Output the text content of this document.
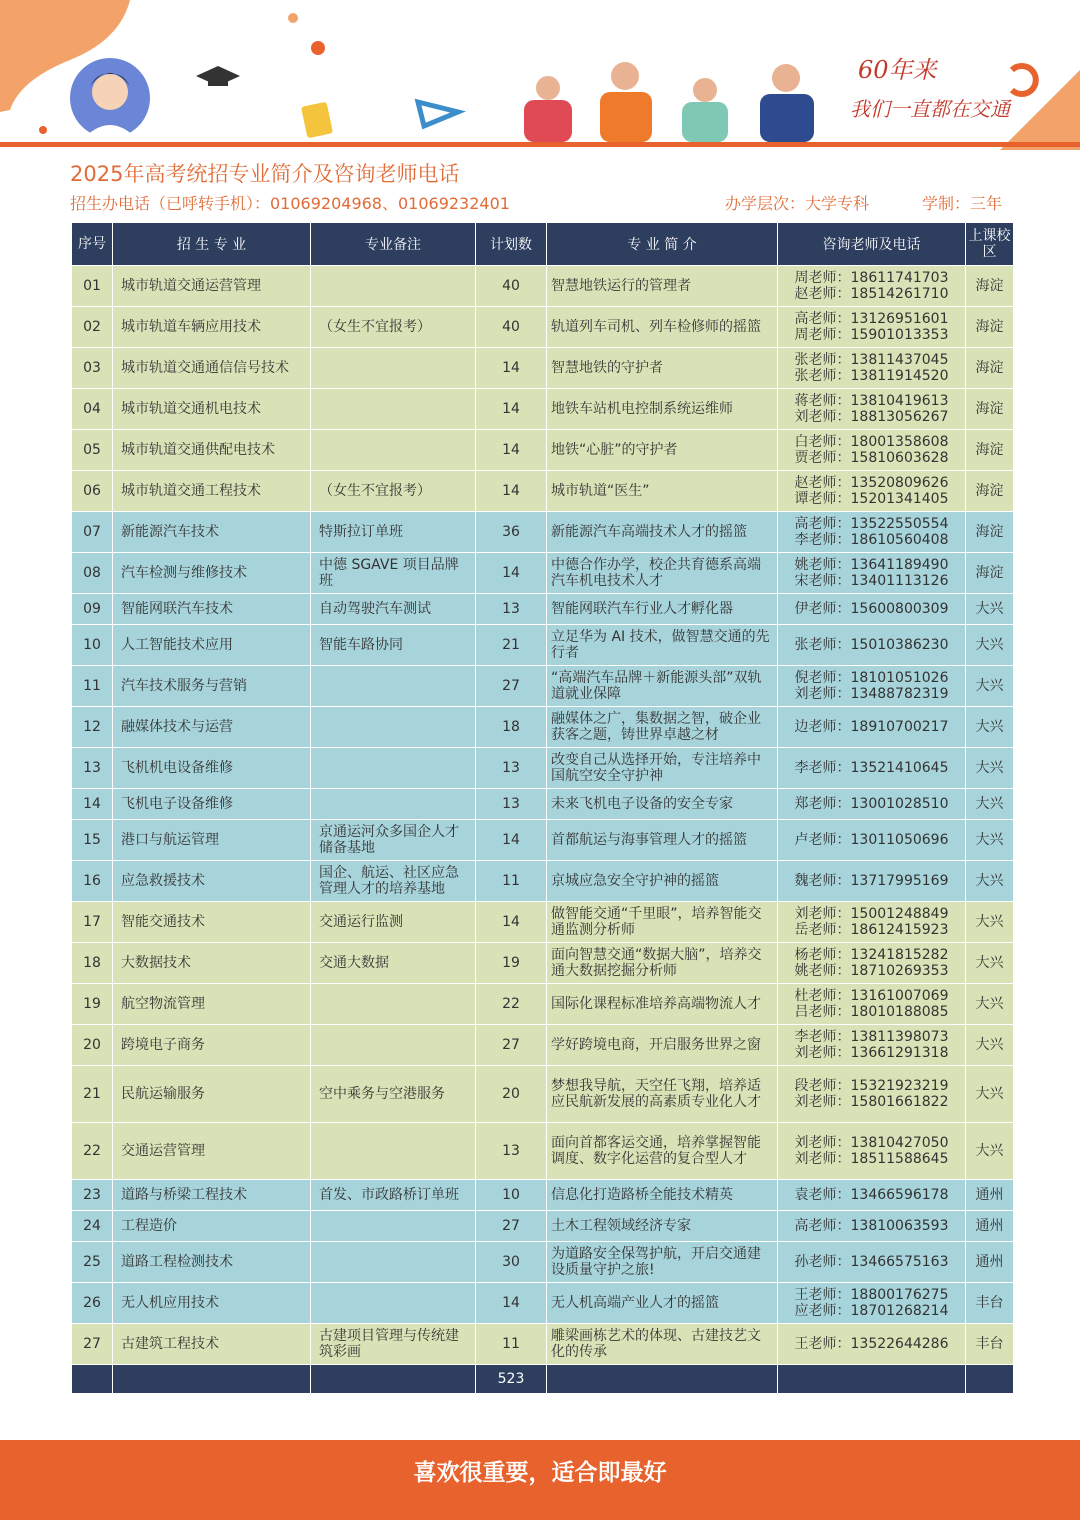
60年来
我们一直都在交通
2025年高考统招专业简介及咨询老师电话
招生办电话（已呼转手机）：01069204968、01069232401	办学层次：大学专科	学制：三年
序号	招 生 专 业	专业备注	计划数	专 业 简 介	咨询老师及电话	上课校区
01	城市轨道交通运营管理		40	智慧地铁运行的管理者	周老师：18611741703
赵老师：18514261710	海淀
02	城市轨道车辆应用技术	（女生不宜报考）	40	轨道列车司机、列车检修师的摇篮	高老师：13126951601
周老师：15901013353	海淀
03	城市轨道交通通信信号技术		14	智慧地铁的守护者	张老师：13811437045
张老师：13811914520	海淀
04	城市轨道交通机电技术		14	地铁车站机电控制系统运维师	蒋老师：13810419613
刘老师：18813056267	海淀
05	城市轨道交通供配电技术		14	地铁“心脏”的守护者	白老师：18001358608
贾老师：15810603628	海淀
06	城市轨道交通工程技术	（女生不宜报考）	14	城市轨道“医生”	赵老师：13520809626
谭老师：15201341405	海淀
07	新能源汽车技术	特斯拉订单班	36	新能源汽车高端技术人才的摇篮	高老师：13522550554
李老师：18610560408	海淀
08	汽车检测与维修技术	中德 SGAVE 项目品牌班	14	中德合作办学，校企共育德系高端汽车机电技术人才	姚老师：13641189490
宋老师：13401113126	海淀
09	智能网联汽车技术	自动驾驶汽车测试	13	智能网联汽车行业人才孵化器	伊老师：15600800309	大兴
10	人工智能技术应用	智能车路协同	21	立足华为 AI 技术，做智慧交通的先行者	张老师：15010386230	大兴
11	汽车技术服务与营销		27	“高端汽车品牌＋新能源头部”双轨道就业保障	倪老师：18101051026
刘老师：13488782319	大兴
12	融媒体技术与运营		18	融媒体之广，集数据之智，破企业获客之题，铸世界卓越之材	边老师：18910700217	大兴
13	飞机机电设备维修		13	改变自己从选择开始，专注培养中国航空安全守护神	李老师：13521410645	大兴
14	飞机电子设备维修		13	未来飞机电子设备的安全专家	郑老师：13001028510	大兴
15	港口与航运管理	京通运河众多国企人才储备基地	14	首都航运与海事管理人才的摇篮	卢老师：13011050696	大兴
16	应急救援技术	国企、航运、社区应急管理人才的培养基地	11	京城应急安全守护神的摇篮	魏老师：13717995169	大兴
17	智能交通技术	交通运行监测	14	做智能交通“千里眼”，培养智能交通监测分析师	刘老师：15001248849
岳老师：18612415923	大兴
18	大数据技术	交通大数据	19	面向智慧交通“数据大脑”，培养交通大数据挖掘分析师	杨老师：13241815282
姚老师：18710269353	大兴
19	航空物流管理		22	国际化课程标准培养高端物流人才	杜老师：13161007069
吕老师：18010188085	大兴
20	跨境电子商务		27	学好跨境电商，开启服务世界之窗	李老师：13811398073
刘老师：13661291318	大兴
21	民航运输服务	空中乘务与空港服务	20	梦想我导航，天空任飞翔，培养适应民航新发展的高素质专业化人才	段老师：15321923219
刘老师：15801661822	大兴
22	交通运营管理		13	面向首都客运交通，培养掌握智能调度、数字化运营的复合型人才	刘老师：13810427050
刘老师：18511588645	大兴
23	道路与桥梁工程技术	首发、市政路桥订单班	10	信息化打造路桥全能技术精英	袁老师：13466596178	通州
24	工程造价		27	土木工程领域经济专家	高老师：13810063593	通州
25	道路工程检测技术		30	为道路安全保驾护航，开启交通建设质量守护之旅!	孙老师：13466575163	通州
26	无人机应用技术		14	无人机高端产业人才的摇篮	王老师：18800176275
应老师：18701268214	丰台
27	古建筑工程技术	古建项目管理与传统建筑彩画	11	雕梁画栋艺术的体现、古建技艺文化的传承	王老师：13522644286	丰台
			523			
喜欢很重要，适合即最好
